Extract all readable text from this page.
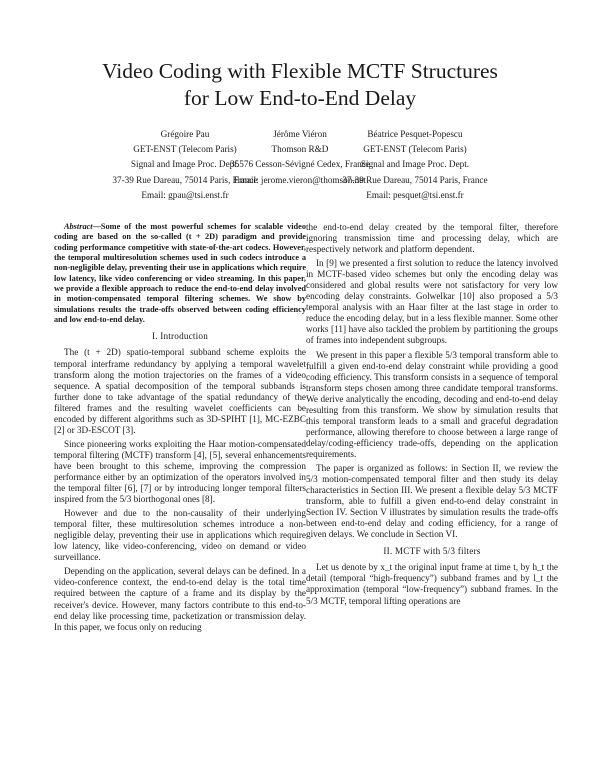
Video Coding with Flexible MCTF Structures
for Low End-to-End Delay
Grégoire Pau
GET-ENST (Telecom Paris)
Signal and Image Proc. Dept.
37-39 Rue Dareau, 75014 Paris, France
Email: gpau@tsi.enst.fr
Jérôme Viéron
Thomson R&D
35576 Cesson-Sévigné Cedex, France
Email: jerome.vieron@thomson.net
Béatrice Pesquet-Popescu
GET-ENST (Telecom Paris)
Signal and Image Proc. Dept.
37-39 Rue Dareau, 75014 Paris, France
Email: pesquet@tsi.enst.fr

Abstract—Some of the most powerful schemes for scalable video coding are based on the so-called (t + 2D) paradigm and provide coding performance competitive with state-of-the-art codecs. However, the temporal multiresolution schemes used in such codecs introduce a non-negligible delay, preventing their use in applications which require low latency, like video conferencing or video streaming. In this paper, we provide a flexible approach to reduce the end-to-end delay involved in motion-compensated temporal filtering schemes. We show by simulations results the trade-offs observed between coding efficiency and low end-to-end delay.

I. Introduction

The (t + 2D) spatio-temporal subband scheme exploits the temporal interframe redundancy by applying a temporal wavelet transform along the motion trajectories on the frames of a video sequence. A spatial decomposition of the temporal subbands is further done to take advantage of the spatial redundancy of the filtered frames and the resulting wavelet coefficients can be encoded by different algorithms such as 3D-SPIHT [1], MC-EZBC [2] or 3D-ESCOT [3].

Since pioneering works exploiting the Haar motion-compensated temporal filtering (MCTF) transform [4], [5], several enhancements have been brought to this scheme, improving the compression performance either by an optimization of the operators involved in the temporal filter [6], [7] or by introducing longer temporal filters inspired from the 5/3 biorthogonal ones [8].

However and due to the non-causality of their underlying temporal filter, these multiresolution schemes introduce a non-negligible delay, preventing their use in applications which require low latency, like video-conferencing, video on demand or video surveillance.

Depending on the application, several delays can be defined. In a video-conference context, the end-to-end delay is the total time required between the capture of a frame and its display by the receiver's device. However, many factors contribute to this end-to-end delay like processing time, packetization or transmission delay. In this paper, we focus only on reducing

the end-to-end delay created by the temporal filter, therefore ignoring transmission time and processing delay, which are respectively network and platform dependent.

In [9] we presented a first solution to reduce the latency involved in MCTF-based video schemes but only the encoding delay was considered and global results were not satisfactory for very low encoding delay constraints. Golwelkar [10] also proposed a 5/3 temporal analysis with an Haar filter at the last stage in order to reduce the encoding delay, but in a less flexible manner. Some other works [11] have also tackled the problem by partitioning the groups of frames into independent subgroups.

We present in this paper a flexible 5/3 temporal transform able to fulfill a given end-to-end delay constraint while providing a good coding efficiency. This transform consists in a sequence of temporal transform steps chosen among three candidate temporal transforms. We derive analytically the encoding, decoding and end-to-end delay resulting from this transform. We show by simulation results that this temporal transform leads to a small and graceful degradation performance, allowing therefore to choose between a large range of delay/coding-efficiency trade-offs, depending on the application requirements.

The paper is organized as follows: in Section II, we review the 5/3 motion-compensated temporal filter and then study its delay characteristics in Section III. We present a flexible delay 5/3 MCTF transform, able to fulfill a given end-to-end delay constraint in Section IV. Section V illustrates by simulation results the trade-offs between end-to-end delay and coding efficiency, for a range of given delays. We conclude in Section VI.

II. MCTF with 5/3 filters

Let us denote by x_t the original input frame at time t, by h_t the detail (temporal “high-frequency”) subband frames and by l_t the approximation (temporal “low-frequency”) subband frames. In the 5/3 MCTF, temporal lifting operations are
